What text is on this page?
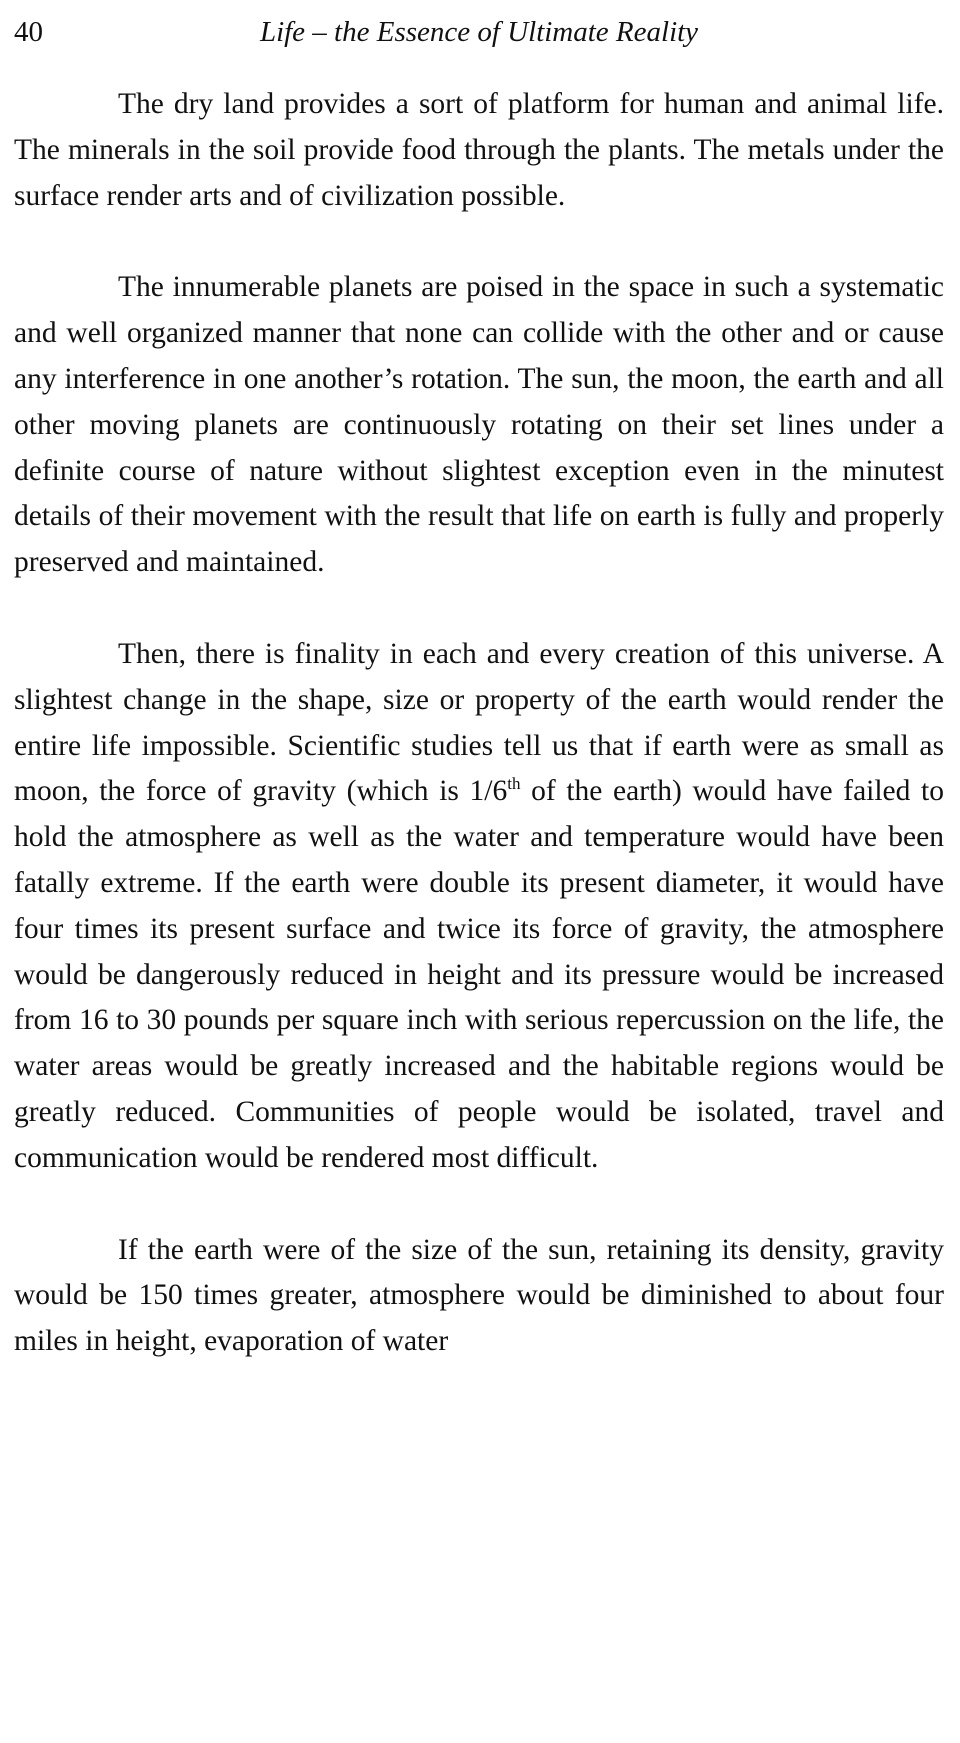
40	Life – the Essence of Ultimate Reality

The dry land provides a sort of platform for human and animal life. The minerals in the soil provide food through the plants. The metals under the surface render arts and of civilization possible.

The innumerable planets are poised in the space in such a systematic and well organized manner that none can collide with the other and or cause any interference in one another’s rotation. The sun, the moon, the earth and all other moving planets are continuously rotating on their set lines under a definite course of nature without slightest exception even in the minutest details of their movement with the result that life on earth is fully and properly preserved and maintained.

Then, there is finality in each and every creation of this universe. A slightest change in the shape, size or property of the earth would render the entire life impossible. Scientific studies tell us that if earth were as small as moon, the force of gravity (which is 1/6th of the earth) would have failed to hold the atmosphere as well as the water and temperature would have been fatally extreme. If the earth were double its present diameter, it would have four times its present surface and twice its force of gravity, the atmosphere would be dangerously reduced in height and its pressure would be increased from 16 to 30 pounds per square inch with serious repercussion on the life, the water areas would be greatly increased and the habitable regions would be greatly reduced. Communities of people would be isolated, travel and communication would be rendered most difficult.

If the earth were of the size of the sun, retaining its density, gravity would be 150 times greater, atmosphere would be diminished to about four miles in height, evaporation of water
